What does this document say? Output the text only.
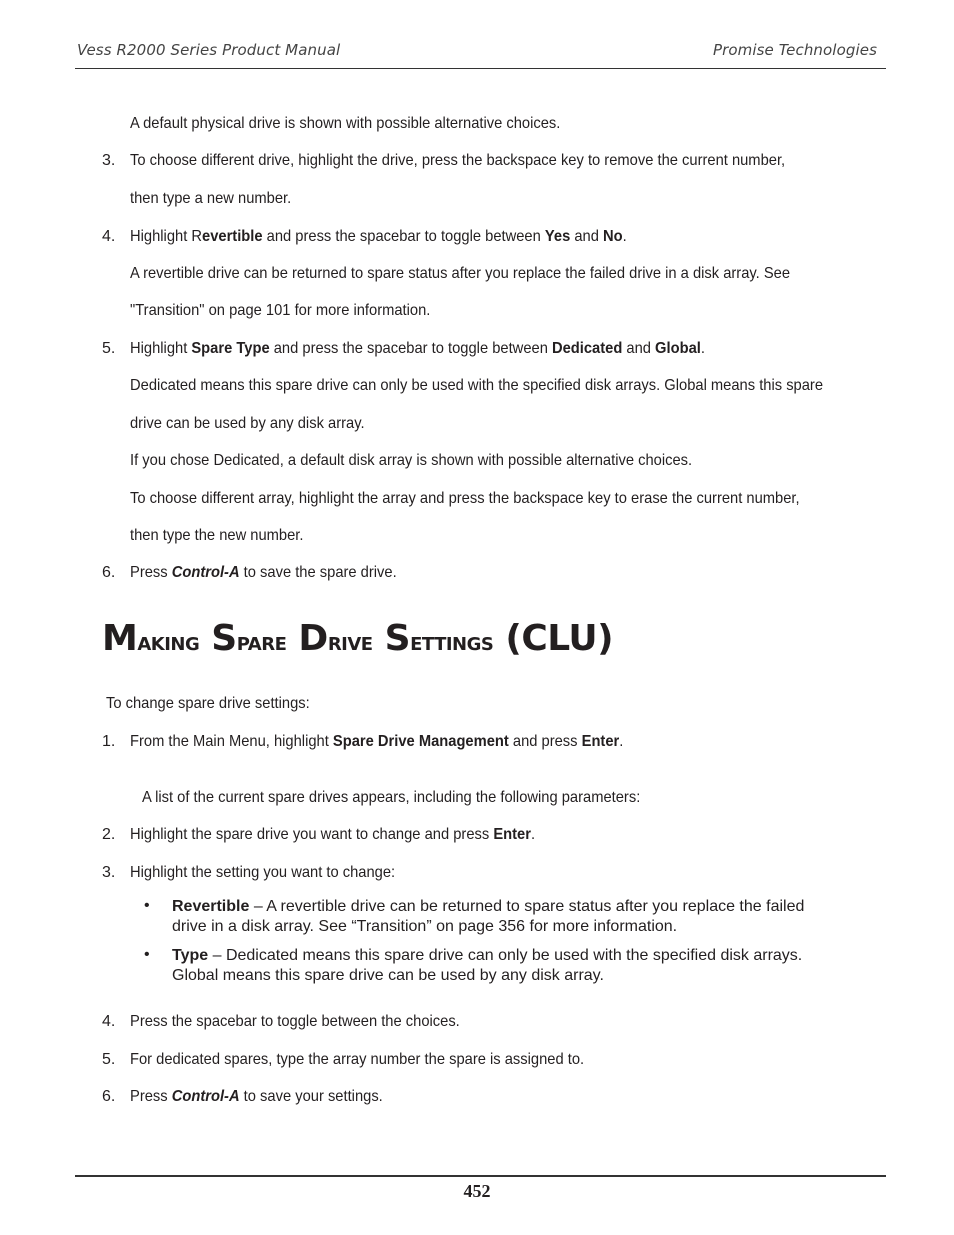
Vess R2000 Series Product Manual	Promise Technologies
A default physical drive is shown with possible alternative choices.
3. To choose different drive, highlight the drive, press the backspace key to remove the current number,
then type a new number.
4. Highlight Revertible and press the spacebar to toggle between Yes and No.
A revertible drive can be returned to spare status after you replace the failed drive in a disk array. See
"Transition" on page 101 for more information.
5. Highlight Spare Type and press the spacebar to toggle between Dedicated and Global.
Dedicated means this spare drive can only be used with the specified disk arrays. Global means this spare
drive can be used by any disk array.
If you chose Dedicated, a default disk array is shown with possible alternative choices.
To choose different array, highlight the array and press the backspace key to erase the current number,
then type the new number.
6. Press Control-A to save the spare drive.
Making Spare Drive Settings (CLU)
To change spare drive settings:
1. From the Main Menu, highlight Spare Drive Management and press Enter.
A list of the current spare drives appears, including the following parameters:
2. Highlight the spare drive you want to change and press Enter.
3. Highlight the setting you want to change:
• Revertible – A revertible drive can be returned to spare status after you replace the failed drive in a disk array. See “Transition” on page 356 for more information.
• Type – Dedicated means this spare drive can only be used with the specified disk arrays. Global means this spare drive can be used by any disk array.
4. Press the spacebar to toggle between the choices.
5. For dedicated spares, type the array number the spare is assigned to.
6. Press Control-A to save your settings.
452
